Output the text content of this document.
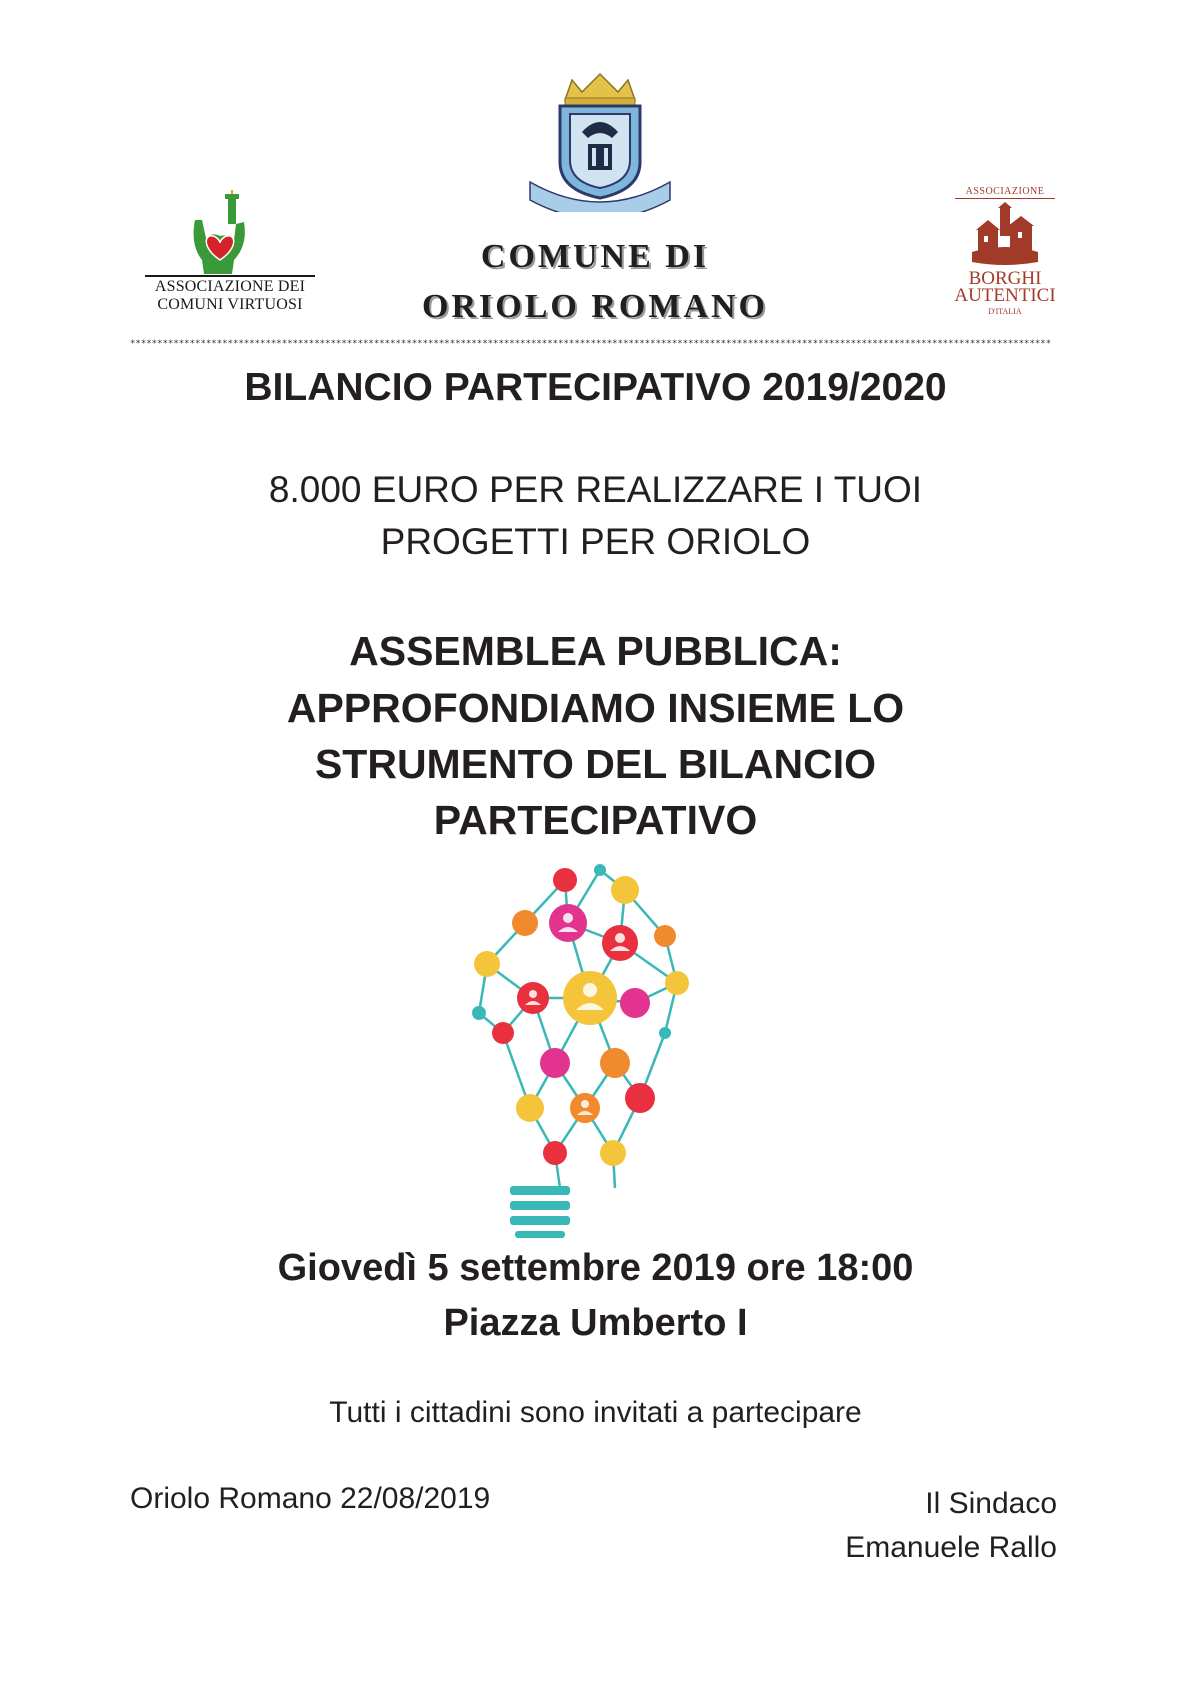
ASSOCIAZIONE DEI
COMUNI VIRTUOSI
COMUNE DI
ORIOLO ROMANO
ASSOCIAZIONE
BORGHI
AUTENTICI
D'ITALIA
**************************************************************************************************************************************************************************
BILANCIO PARTECIPATIVO 2019/2020
8.000 EURO PER REALIZZARE I TUOI
PROGETTI PER ORIOLO
ASSEMBLEA PUBBLICA:
APPROFONDIAMO INSIEME LO
STRUMENTO DEL BILANCIO
PARTECIPATIVO
Giovedì 5 settembre 2019 ore 18:00
Piazza Umberto I
Tutti i cittadini sono invitati a partecipare
Oriolo Romano 22/08/2019	Il Sindaco
Emanuele Rallo
